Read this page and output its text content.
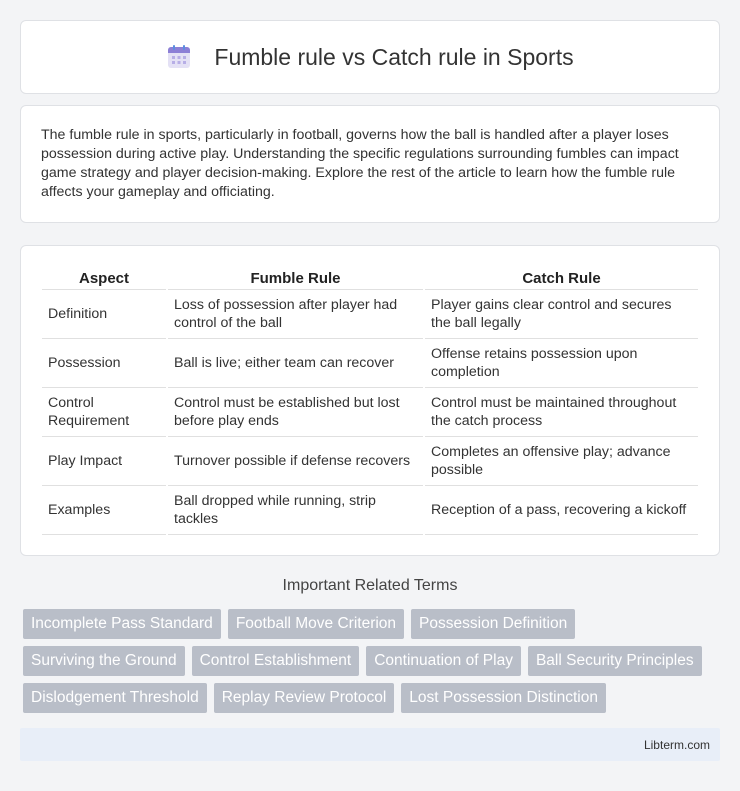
Fumble rule vs Catch rule in Sports

The fumble rule in sports, particularly in football, governs how the ball is handled after a player loses possession during active play. Understanding the specific regulations surrounding fumbles can impact game strategy and player decision-making. Explore the rest of the article to learn how the fumble rule affects your gameplay and officiating.

Aspect		Fumble Rule		Catch Rule
Definition		Loss of possession after player had control of the ball		Player gains clear control and secures the ball legally
Possession		Ball is live; either team can recover		Offense retains possession upon completion
Control Requirement		Control must be established but lost before play ends		Control must be maintained throughout the catch process
Play Impact		Turnover possible if defense recovers		Completes an offensive play; advance possible
Examples		Ball dropped while running, strip tackles		Reception of a pass, recovering a kickoff
Important Related Terms
Incomplete Pass Standard	Football Move Criterion	Possession Definition
Surviving the Ground	Control Establishment	Continuation of Play	Ball Security Principles
Dislodgement Threshold	Replay Review Protocol	Lost Possession Distinction
Libterm.com
